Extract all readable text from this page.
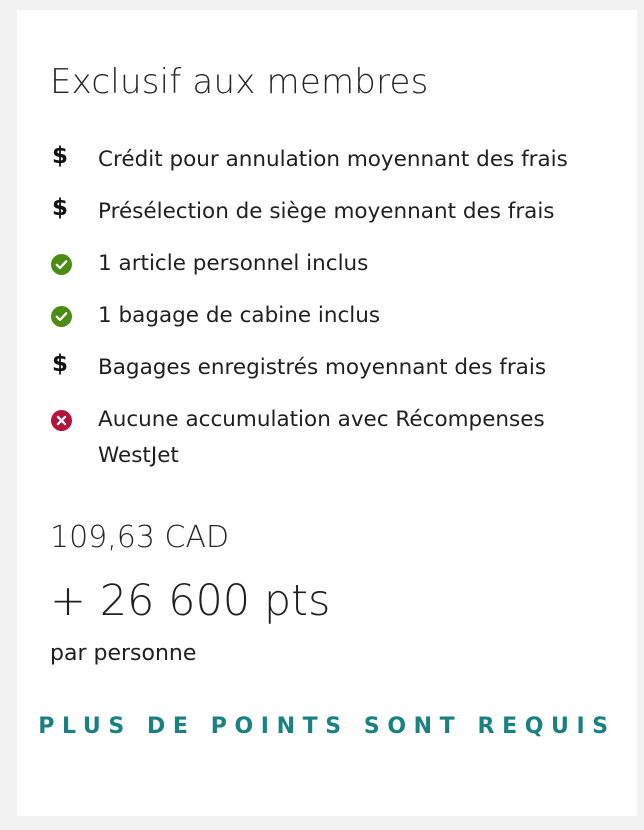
Exclusif aux membres
$ Crédit pour annulation moyennant des frais
$ Présélection de siège moyennant des frais
1 article personnel inclus
1 bagage de cabine inclus
$ Bagages enregistrés moyennant des frais
Aucune accumulation avec Récompenses WestJet
109,63 CAD
+ 26 600 pts
par personne
PLUS DE POINTS SONT REQUIS
